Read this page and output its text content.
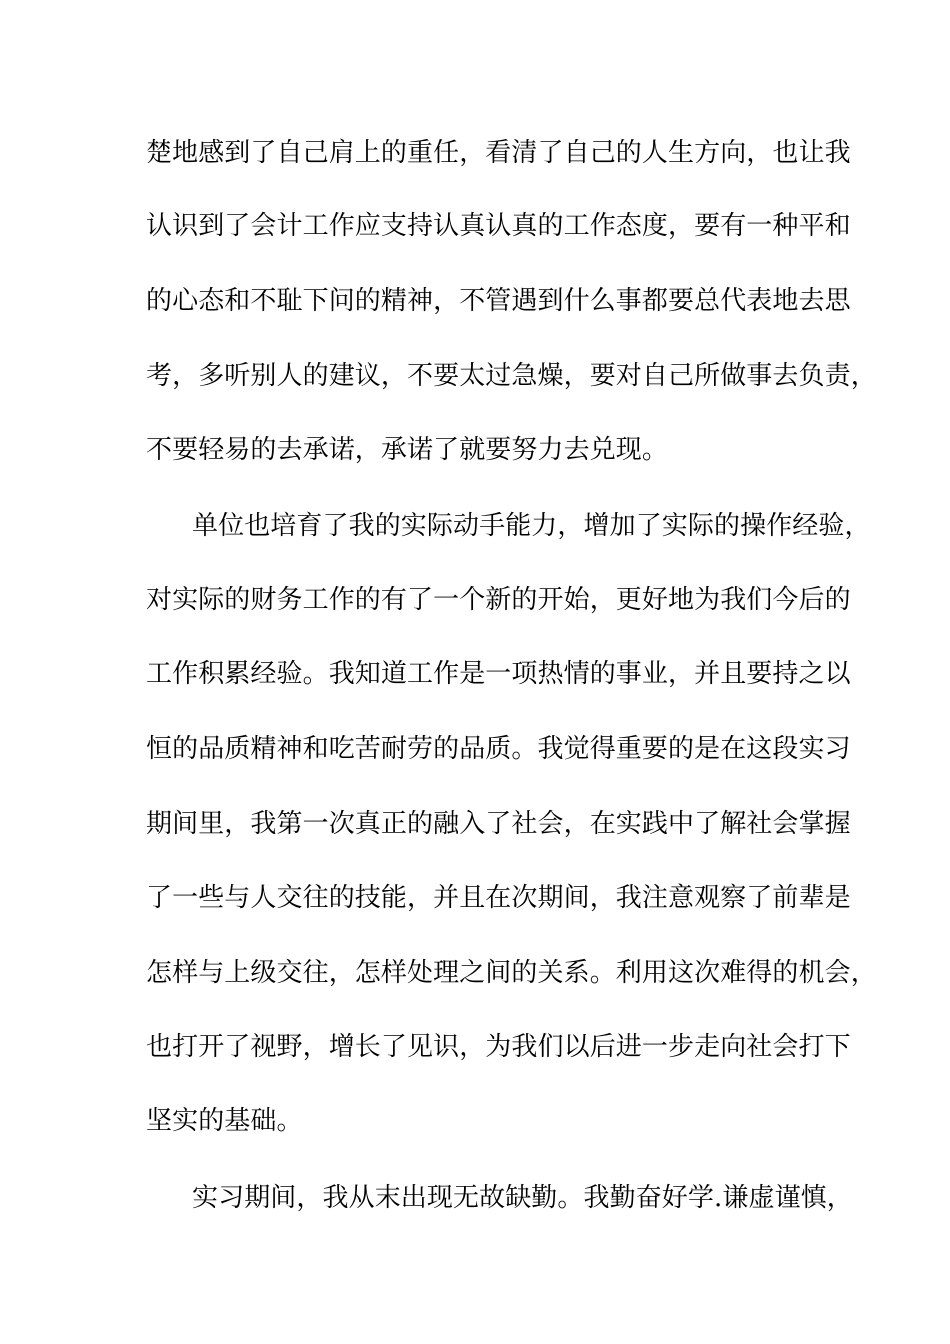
楚地感到了自己肩上的重任，看清了自己的人生方向，也让我
认识到了会计工作应支持认真认真的工作态度，要有一种平和
的心态和不耻下问的精神，不管遇到什么事都要总代表地去思
考，多听别人的建议，不要太过急燥，要对自己所做事去负责，
不要轻易的去承诺，承诺了就要努力去兑现。
单位也培育了我的实际动手能力，增加了实际的操作经验，
对实际的财务工作的有了一个新的开始，更好地为我们今后的
工作积累经验。我知道工作是一项热情的事业，并且要持之以
恒的品质精神和吃苦耐劳的品质。我觉得重要的是在这段实习
期间里，我第一次真正的融入了社会，在实践中了解社会掌握
了一些与人交往的技能，并且在次期间，我注意观察了前辈是
怎样与上级交往，怎样处理之间的关系。利用这次难得的机会，
也打开了视野，增长了见识，为我们以后进一步走向社会打下
坚实的基础。
实习期间，我从末出现无故缺勤。我勤奋好学.谦虚谨慎，
